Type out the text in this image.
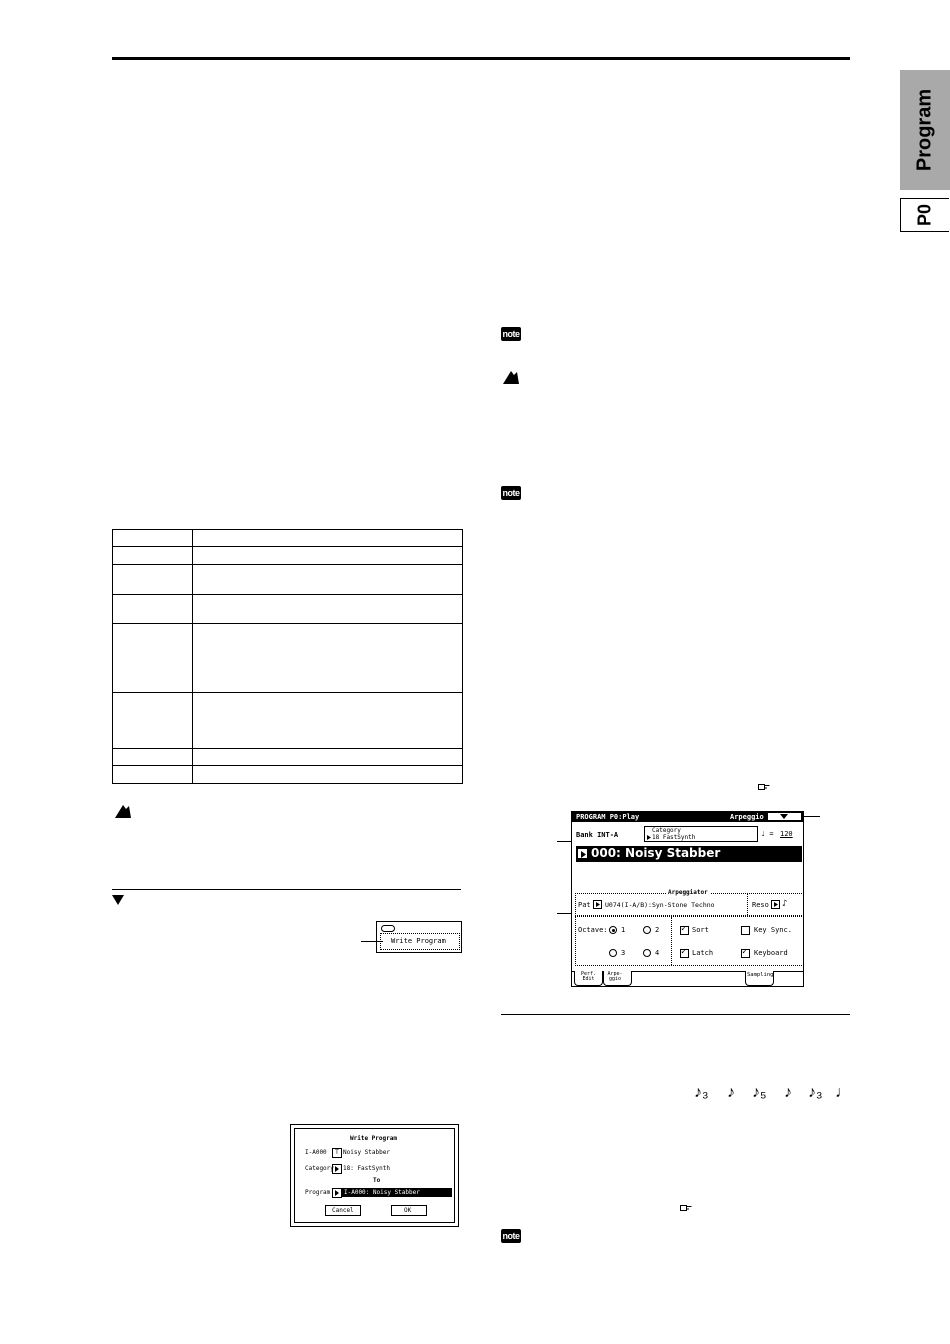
Program
P0
note
note

Write Program
Write Program
I-A000	T Noisy Stabber
Category 18: FastSynth
To
Program I-A000: Noisy Stabber
Cancel	OK
PROGRAM P0:Play	Arpeggio
Bank INT-A
Category
18 FastSynth	♩ = 120
000: Noisy Stabber
Arpeggiator
Pat U074(I-A/B):Syn-Stone Techno	Reso ♪
Octave: 1	2
3	4
✓
Sort
✓
Latch
Key Sync.
✓
Keyboard
Perf. Edit
Arpe-ggio
Sampling
♪₃ ♪ ♪₅ ♪ ♪₃ ♩
note
